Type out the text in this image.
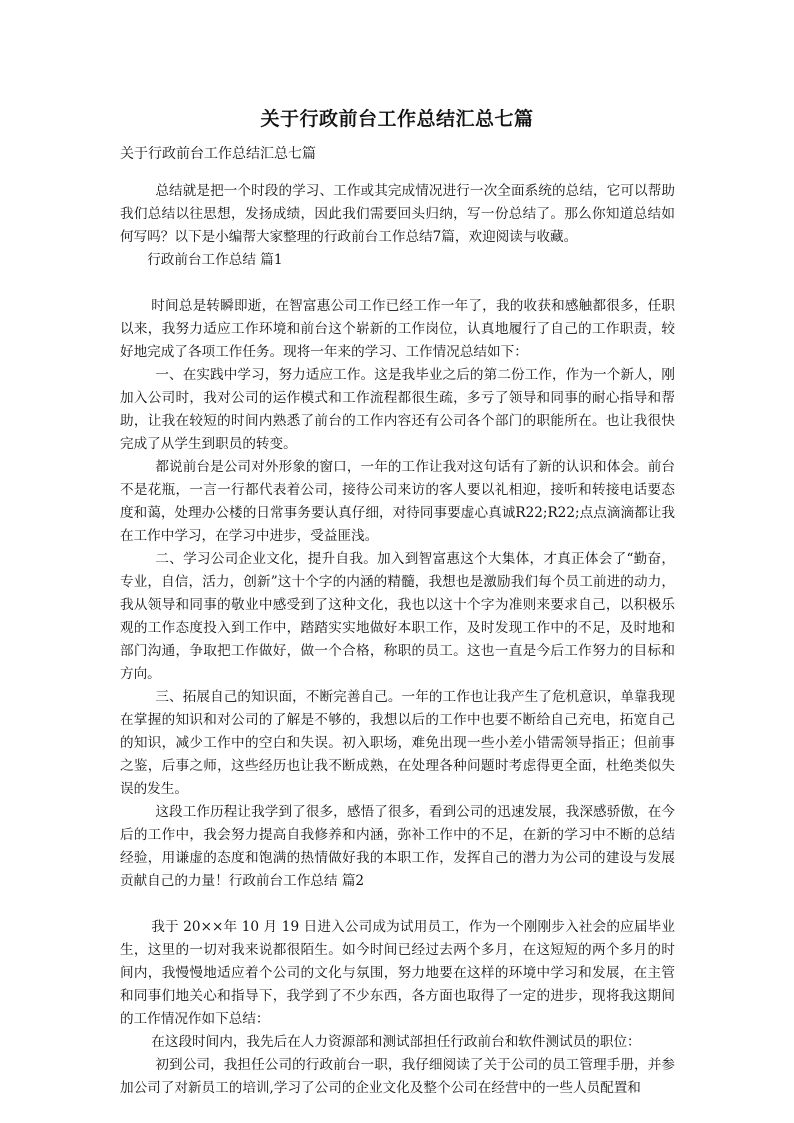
关于行政前台工作总结汇总七篇
关于行政前台工作总结汇总七篇

总结就是把一个时段的学习、工作或其完成情况进行一次全面系统的总结，它可以帮助我们总结以往思想，发扬成绩，因此我们需要回头归纳，写一份总结了。那么你知道总结如何写吗？以下是小编帮大家整理的行政前台工作总结7篇，欢迎阅读与收藏。

行政前台工作总结 篇1

时间总是转瞬即逝，在智富惠公司工作已经工作一年了，我的收获和感触都很多，任职以来，我努力适应工作环境和前台这个崭新的工作岗位，认真地履行了自己的工作职责，较好地完成了各项工作任务。现将一年来的学习、工作情况总结如下：

一、在实践中学习，努力适应工作。这是我毕业之后的第二份工作，作为一个新人，刚加入公司时，我对公司的运作模式和工作流程都很生疏，多亏了领导和同事的耐心指导和帮助，让我在较短的时间内熟悉了前台的工作内容还有公司各个部门的职能所在。也让我很快完成了从学生到职员的转变。

都说前台是公司对外形象的窗口，一年的工作让我对这句话有了新的认识和体会。前台不是花瓶，一言一行都代表着公司，接待公司来访的客人要以礼相迎，接听和转接电话要态度和蔼，处理办公楼的日常事务要认真仔细，对待同事要虚心真诚R22;R22;点点滴滴都让我在工作中学习，在学习中进步，受益匪浅。

二、学习公司企业文化，提升自我。加入到智富惠这个大集体，才真正体会了“勤奋，专业，自信，活力，创新”这十个字的内涵的精髓，我想也是激励我们每个员工前进的动力，我从领导和同事的敬业中感受到了这种文化，我也以这十个字为准则来要求自己，以积极乐观的工作态度投入到工作中，踏踏实实地做好本职工作，及时发现工作中的不足，及时地和部门沟通，争取把工作做好，做一个合格，称职的员工。这也一直是今后工作努力的目标和方向。

三、拓展自己的知识面，不断完善自己。一年的工作也让我产生了危机意识，单靠我现在掌握的知识和对公司的了解是不够的，我想以后的工作中也要不断给自己充电，拓宽自己的知识，减少工作中的空白和失误。初入职场，难免出现一些小差小错需领导指正；但前事之鉴，后事之师，这些经历也让我不断成熟，在处理各种问题时考虑得更全面，杜绝类似失误的发生。

这段工作历程让我学到了很多，感悟了很多，看到公司的迅速发展，我深感骄傲，在今后的工作中，我会努力提高自我修养和内涵，弥补工作中的不足，在新的学习中不断的总结经验，用谦虚的态度和饱满的热情做好我的本职工作，发挥自己的潜力为公司的建设与发展贡献自己的力量！行政前台工作总结 篇2

我于 20××年 10 月 19 日进入公司成为试用员工，作为一个刚刚步入社会的应届毕业生，这里的一切对我来说都很陌生。如今时间已经过去两个多月，在这短短的两个多月的时间内，我慢慢地适应着个公司的文化与氛围，努力地要在这样的环境中学习和发展，在主管和同事们地关心和指导下，我学到了不少东西，各方面也取得了一定的进步，现将我这期间的工作情况作如下总结：

在这段时间内，我先后在人力资源部和测试部担任行政前台和软件测试员的职位：

初到公司，我担任公司的行政前台一职，我仔细阅读了关于公司的员工管理手册，并参加公司了对新员工的培训,学习了公司的企业文化及整个公司在经营中的一些人员配置和
